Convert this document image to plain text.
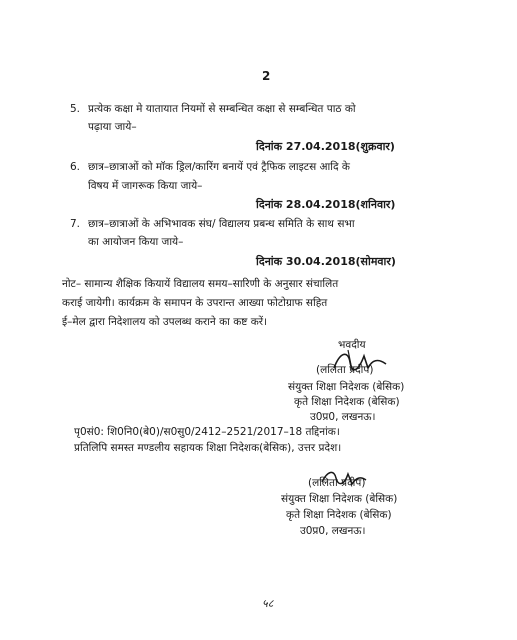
2
5. प्रत्येक कक्षा मे यातायात नियमों से सम्बन्धित कक्षा से सम्बन्धित पाठ को
पढ़ाया जाये–
दिनांक 27.04.2018(शुक्रवार)
6. छात्र–छात्राओं को मॉक ड्रिल/कारिंग बनायें एवं ट्रैफिक लाइटस आदि के
विषय में जागरूक किया जाये–
दिनांक 28.04.2018(शनिवार)
7. छात्र–छात्राओं के अभिभावक संघ/ विद्यालय प्रबन्ध समिति के साथ सभा
का आयोजन किया जाये–
दिनांक 30.04.2018(सोमवार)
नोट– सामान्य शैक्षिक कियायें विद्यालय समय–सारिणी के अनुसार संचालित
कराई जायेगी। कार्यक्रम के समापन के उपरान्त आख्या फोटोग्राफ सहित
ई–मेल द्वारा निदेशालय को उपलब्ध कराने का कष्ट करें।
भवदीय
(ललिता प्रदीप)
संयुक्त शिक्षा निदेशक (बेसिक)
कृते शिक्षा निदेशक (बेसिक)
उ0प्र0, लखनऊ।
पृ0सं0: शि0नि0(बे0)/स0सु0/2412–2521/2017–18 तद्दिनांक।
प्रतिलिपि समस्त मण्डलीय सहायक शिक्षा निदेशक(बेसिक), उत्तर प्रदेश।
(ललिता प्रदीप)
संयुक्त शिक्षा निदेशक (बेसिक)
कृते शिक्षा निदेशक (बेसिक)
उ0प्र0, लखनऊ।
५८
